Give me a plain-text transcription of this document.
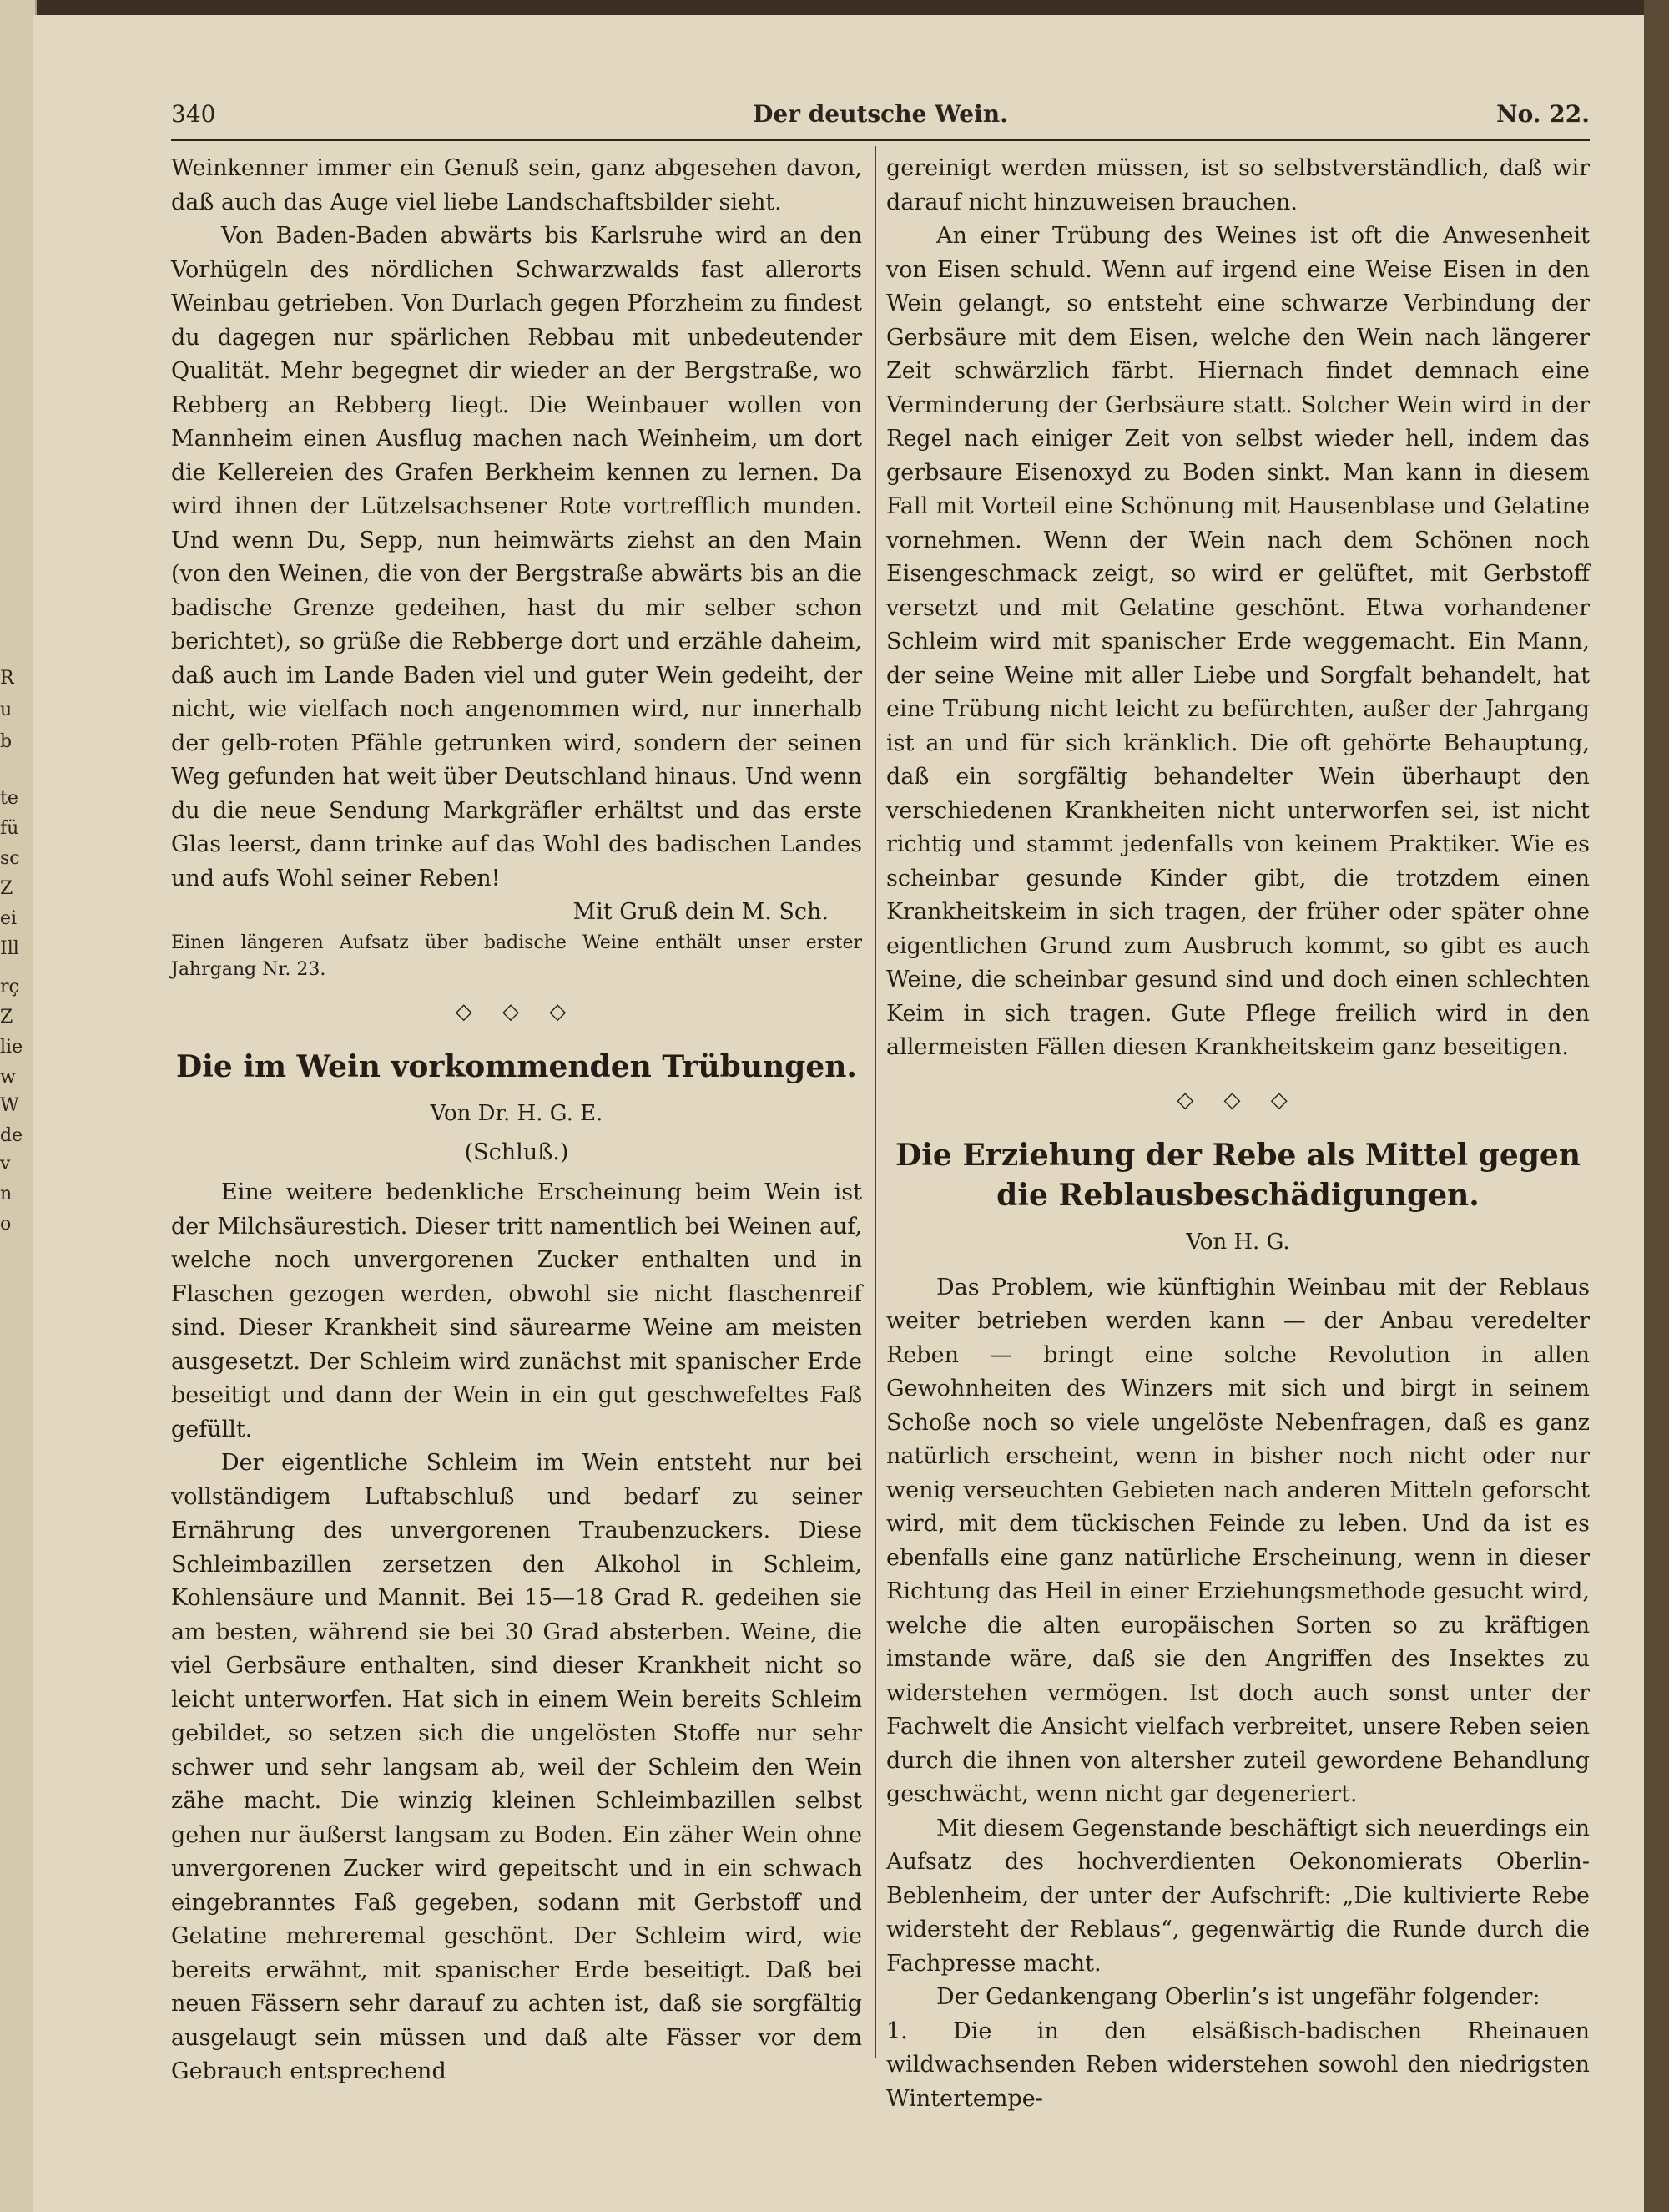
R
u
b
te
fü
sc
Z
ei
Ill
rç
Z
lie
w
W
de
v
n
o
Der deutsche Wein.
340	No. 22.

Weinkenner immer ein Genuß sein, ganz abgesehen davon, daß auch das Auge viel liebe Landschaftsbilder sieht.

Von Baden-Baden abwärts bis Karlsruhe wird an den Vorhügeln des nördlichen Schwarzwalds fast allerorts Weinbau getrieben. Von Durlach gegen Pforzheim zu findest du dagegen nur spärlichen Rebbau mit unbedeutender Qualität. Mehr begegnet dir wieder an der Bergstraße, wo Rebberg an Rebberg liegt. Die Weinbauer wollen von Mannheim einen Ausflug machen nach Weinheim, um dort die Kellereien des Grafen Berkheim kennen zu lernen. Da wird ihnen der Lützelsachsener Rote vortrefflich munden. Und wenn Du, Sepp, nun heimwärts ziehst an den Main (von den Weinen, die von der Bergstraße abwärts bis an die badische Grenze gedeihen, hast du mir selber schon berichtet), so grüße die Rebberge dort und erzähle daheim, daß auch im Lande Baden viel und guter Wein gedeiht, der nicht, wie vielfach noch angenommen wird, nur innerhalb der gelb-roten Pfähle getrunken wird, sondern der seinen Weg gefunden hat weit über Deutschland hinaus. Und wenn du die neue Sendung Markgräfler erhältst und das erste Glas leerst, dann trinke auf das Wohl des badischen Landes und aufs Wohl seiner Reben!

Mit Gruß dein M. Sch.

Einen längeren Aufsatz über badische Weine enthält unser erster Jahrgang Nr. 23.

◇ ◇ ◇
Die im Wein vorkommenden Trübungen.
Von Dr. H. G. E.
(Schluß.)

Eine weitere bedenkliche Erscheinung beim Wein ist der Milchsäurestich. Dieser tritt namentlich bei Weinen auf, welche noch unvergorenen Zucker enthalten und in Flaschen gezogen werden, obwohl sie nicht flaschenreif sind. Dieser Krankheit sind säurearme Weine am meisten ausgesetzt. Der Schleim wird zunächst mit spanischer Erde beseitigt und dann der Wein in ein gut geschwefeltes Faß gefüllt.

Der eigentliche Schleim im Wein entsteht nur bei vollständigem Luftabschluß und bedarf zu seiner Ernährung des unvergorenen Traubenzuckers. Diese Schleimbazillen zersetzen den Alkohol in Schleim, Kohlensäure und Mannit. Bei 15—18 Grad R. gedeihen sie am besten, während sie bei 30 Grad absterben. Weine, die viel Gerbsäure enthalten, sind dieser Krankheit nicht so leicht unterworfen. Hat sich in einem Wein bereits Schleim gebildet, so setzen sich die ungelösten Stoffe nur sehr schwer und sehr langsam ab, weil der Schleim den Wein zähe macht. Die winzig kleinen Schleimbazillen selbst gehen nur äußerst langsam zu Boden. Ein zäher Wein ohne unvergorenen Zucker wird gepeitscht und in ein schwach eingebranntes Faß gegeben, sodann mit Gerbstoff und Gelatine mehreremal geschönt. Der Schleim wird, wie bereits erwähnt, mit spanischer Erde beseitigt. Daß bei neuen Fässern sehr darauf zu achten ist, daß sie sorgfältig ausgelaugt sein müssen und daß alte Fässer vor dem Gebrauch entsprechend

gereinigt werden müssen, ist so selbstverständlich, daß wir darauf nicht hinzuweisen brauchen.

An einer Trübung des Weines ist oft die Anwesenheit von Eisen schuld. Wenn auf irgend eine Weise Eisen in den Wein gelangt, so entsteht eine schwarze Verbindung der Gerbsäure mit dem Eisen, welche den Wein nach längerer Zeit schwärzlich färbt. Hiernach findet demnach eine Verminderung der Gerbsäure statt. Solcher Wein wird in der Regel nach einiger Zeit von selbst wieder hell, indem das gerbsaure Eisenoxyd zu Boden sinkt. Man kann in diesem Fall mit Vorteil eine Schönung mit Hausenblase und Gelatine vornehmen. Wenn der Wein nach dem Schönen noch Eisengeschmack zeigt, so wird er gelüftet, mit Gerbstoff versetzt und mit Gelatine geschönt. Etwa vorhandener Schleim wird mit spanischer Erde weggemacht. Ein Mann, der seine Weine mit aller Liebe und Sorgfalt behandelt, hat eine Trübung nicht leicht zu befürchten, außer der Jahrgang ist an und für sich kränklich. Die oft gehörte Behauptung, daß ein sorgfältig behandelter Wein überhaupt den verschiedenen Krankheiten nicht unterworfen sei, ist nicht richtig und stammt jedenfalls von keinem Praktiker. Wie es scheinbar gesunde Kinder gibt, die trotzdem einen Krankheitskeim in sich tragen, der früher oder später ohne eigentlichen Grund zum Ausbruch kommt, so gibt es auch Weine, die scheinbar gesund sind und doch einen schlechten Keim in sich tragen. Gute Pflege freilich wird in den allermeisten Fällen diesen Krankheitskeim ganz beseitigen.

◇ ◇ ◇
Die Erziehung der Rebe als Mittel gegen die Reblausbeschädigungen.
Von H. G.

Das Problem, wie künftighin Weinbau mit der Reblaus weiter betrieben werden kann — der Anbau veredelter Reben — bringt eine solche Revolution in allen Gewohnheiten des Winzers mit sich und birgt in seinem Schoße noch so viele ungelöste Nebenfragen, daß es ganz natürlich erscheint, wenn in bisher noch nicht oder nur wenig verseuchten Gebieten nach anderen Mitteln geforscht wird, mit dem tückischen Feinde zu leben. Und da ist es ebenfalls eine ganz natürliche Erscheinung, wenn in dieser Richtung das Heil in einer Erziehungsmethode gesucht wird, welche die alten europäischen Sorten so zu kräftigen imstande wäre, daß sie den Angriffen des Insektes zu widerstehen vermögen. Ist doch auch sonst unter der Fachwelt die Ansicht vielfach verbreitet, unsere Reben seien durch die ihnen von altersher zuteil gewordene Behandlung geschwächt, wenn nicht gar degeneriert.

Mit diesem Gegenstande beschäftigt sich neuerdings ein Aufsatz des hochverdienten Oekonomierats Oberlin-Beblenheim, der unter der Aufschrift: „Die kultivierte Rebe widersteht der Reblaus“, gegenwärtig die Runde durch die Fachpresse macht.

Der Gedankengang Oberlin’s ist ungefähr folgender:

1. Die in den elsäßisch-badischen Rheinauen wildwachsenden Reben widerstehen sowohl den niedrigsten Wintertempe-
